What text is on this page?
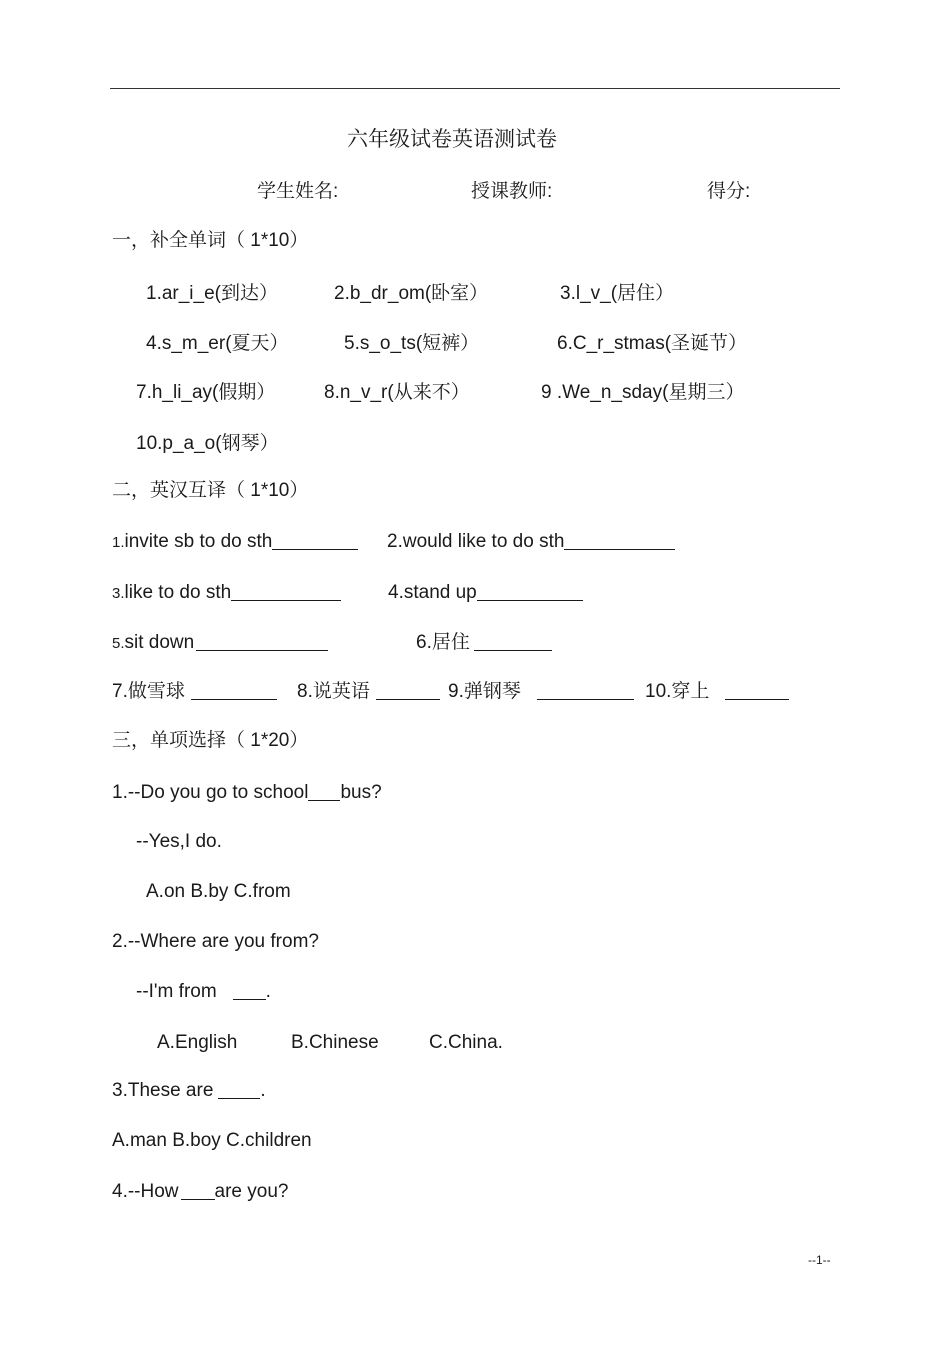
六年级试卷英语测试卷
学生姓名:	授课教师:	得分:
一，补全单词（ 1*10）
1.ar_i_e(到达）	2.b_dr_om(卧室）	3.l_v_(居住）
4.s_m_er(夏天）	5.s_o_ts(短裤）	6.C_r_stmas(圣诞节）
7.h_li_ay(假期）	8.n_v_r(从来不）	9 .We_n_sday(星期三）
10.p_a_o(钢琴）
二，英汉互译（ 1*10）
1.invite sb to do sth	2.would like to do sth
3.like to do sth	4.stand up
5.sit down	6.居住
7.做雪球	8.说英语	9.弹钢琴	10.穿上
三，单项选择（ 1*20）
1.--Do you go to school bus?
--Yes,I do.
A.on B.by C.from
2.--Where are you from?
--I'm from	.
A.English	B.Chinese	C.China.
3.These are .
A.man B.boy C.children
4.--How are you?
--1--
